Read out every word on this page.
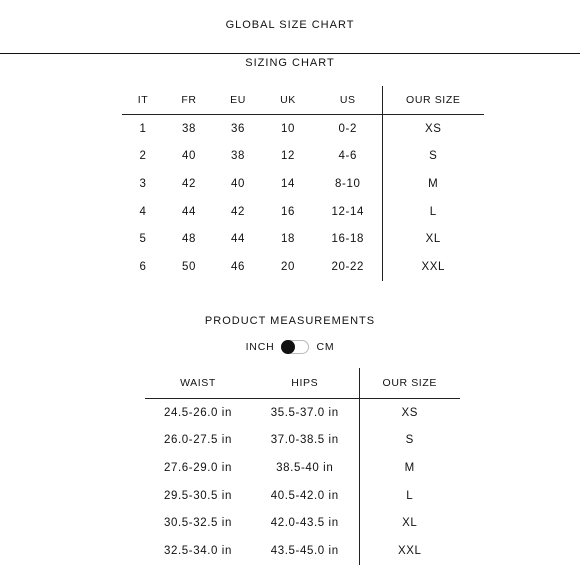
GLOBAL SIZE CHART
SIZING CHART
IT	FR	EU	UK	US	OUR SIZE
1	38	36	10	0-2	XS
2	40	38	12	4-6	S
3	42	40	14	8-10	M
4	44	42	16	12-14	L
5	48	44	18	16-18	XL
6	50	46	20	20-22	XXL
PRODUCT MEASUREMENTS
INCH	CM
WAIST	HIPS	OUR SIZE
24.5-26.0 in	35.5-37.0 in	XS
26.0-27.5 in	37.0-38.5 in	S
27.6-29.0 in	38.5-40 in	M
29.5-30.5 in	40.5-42.0 in	L
30.5-32.5 in	42.0-43.5 in	XL
32.5-34.0 in	43.5-45.0 in	XXL
